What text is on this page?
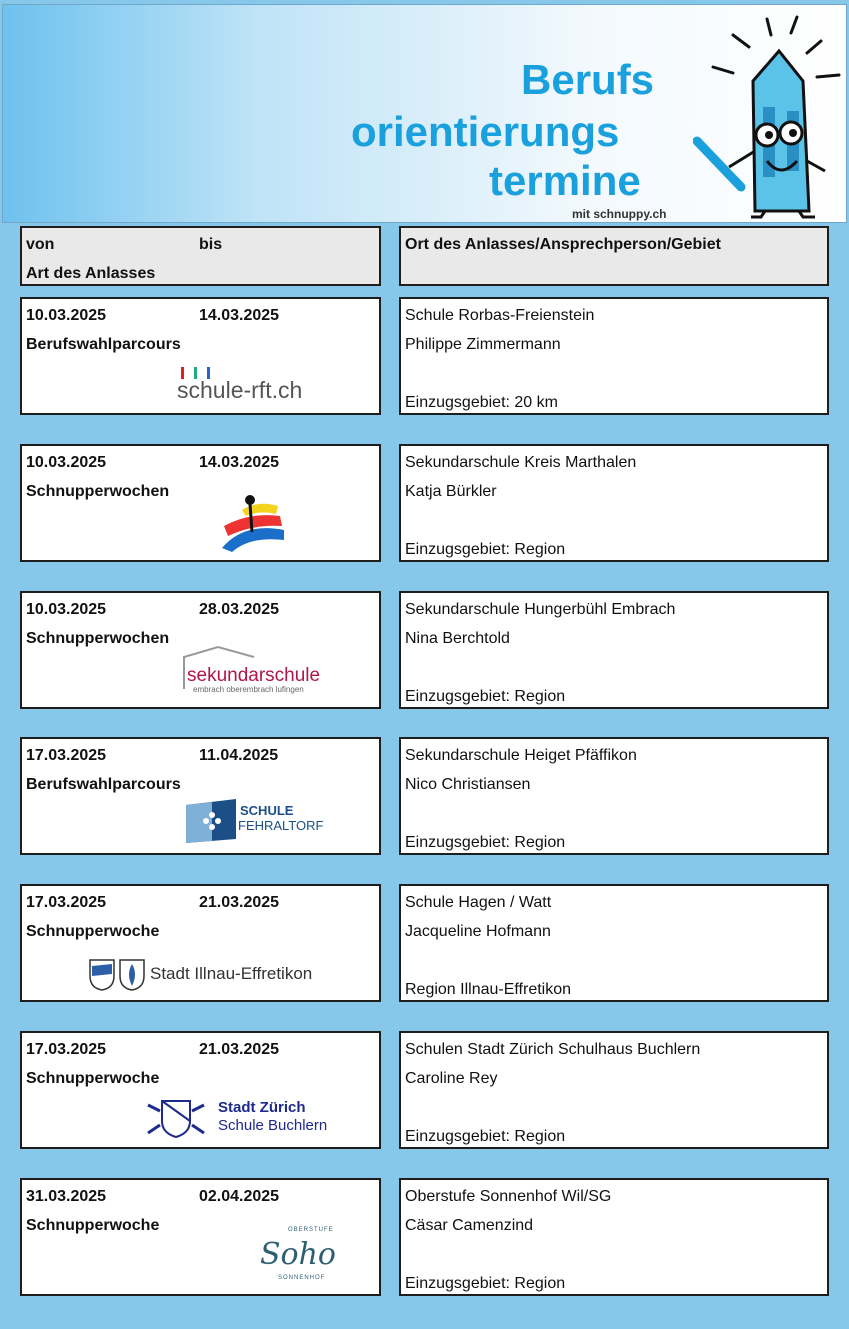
Berufs
orientierungs
termine
mit schnuppy.ch
von	bis
Art des Anlasses
Ort des Anlasses/Ansprechperson/Gebiet
10.03.2025	14.03.2025
Berufswahlparcours
schule-rft.ch
Schule Rorbas-Freienstein
Philippe Zimmermann
Einzugsgebiet: 20 km
10.03.2025	14.03.2025
Schnupperwochen
Sekundarschule Kreis Marthalen
Katja Bürkler
Einzugsgebiet: Region
10.03.2025	28.03.2025
Schnupperwochen
sekundarschule
embrach oberembrach lufingen
Sekundarschule Hungerbühl Embrach
Nina Berchtold
Einzugsgebiet: Region
17.03.2025	11.04.2025
Berufswahlparcours
SCHULE
FEHRALTORF
Sekundarschule Heiget Pfäffikon
Nico Christiansen
Einzugsgebiet: Region
17.03.2025	21.03.2025
Schnupperwoche
Stadt Illnau-Effretikon
Schule Hagen / Watt
Jacqueline Hofmann
Region Illnau-Effretikon
17.03.2025	21.03.2025
Schnupperwoche
Stadt Zürich
Schule Buchlern
Schulen Stadt Zürich Schulhaus Buchlern
Caroline Rey
Einzugsgebiet: Region
31.03.2025	02.04.2025
Schnupperwoche	OBERSTUFE
Soho
SONNENHOF
Oberstufe Sonnenhof Wil/SG
Cäsar Camenzind
Einzugsgebiet: Region
